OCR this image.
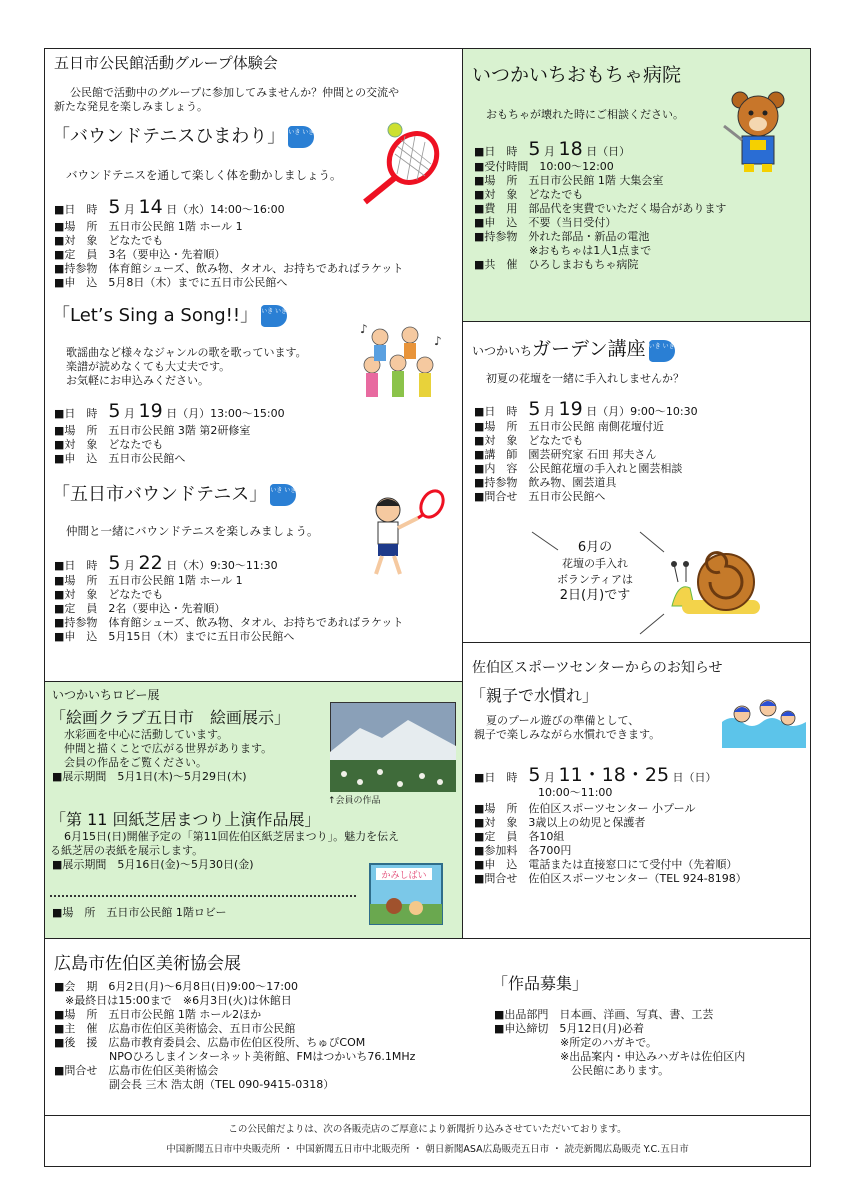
五日市公民館活動グループ体験会
公民館で活動中のグループに参加してみませんか？仲間との交流や
新たな発見を楽しみましょう。
「バウンドテニスひまわり」 いき いき
バウンドテニスを通して楽しく体を動かしましょう。
■日　時　 5 月 14 日（水）14:00〜16:00
■場　所　五日市公民館 1階 ホール 1
■対　象　どなたでも
■定　員　3名（要申込・先着順）
■持参物　体育館シューズ、飲み物、タオル、お持ちであればラケット
■申　込　5月8日（木）までに五日市公民館へ
「Let’s Sing a Song!!」 いき いき
♪
♪
歌謡曲など様々なジャンルの歌を歌っています。
楽譜が読めなくても大丈夫です。
お気軽にお申込みください。
■日　時　 5 月 19 日（月）13:00〜15:00
■場　所　五日市公民館 3階 第2研修室
■対　象　どなたでも
■申　込　五日市公民館へ
「五日市バウンドテニス」 いき いき
仲間と一緒にバウンドテニスを楽しみましょう。
■日　時　 5 月 22 日（木）9:30〜11:30
■場　所　五日市公民館 1階 ホール 1
■対　象　どなたでも
■定　員　2名（要申込・先着順）
■持参物　体育館シューズ、飲み物、タオル、お持ちであればラケット
■申　込　5月15日（木）までに五日市公民館へ
いつかいちおもちゃ病院
おもちゃが壊れた時にご相談ください。
■日　時　 5 月 18 日（日）
■受付時間　10:00〜12:00
■場　所　五日市公民館 1階 大集会室
■対　象　どなたでも
■費　用　部品代を実費でいただく場合があります
■申　込　不要（当日受付）
■持参物　外れた部品・新品の電池
　　　　　※おもちゃは1人1点まで
■共　催　ひろしまおもちゃ病院
いつかいちガーデン講座 いき いき
初夏の花壇を一緒に手入れしませんか？
■日　時　 5 月 19 日（月）9:00〜10:30
■場　所　五日市公民館 南側花壇付近
■対　象　どなたでも
■講　師　園芸研究家 石田 邦夫さん
■内　容　公民館花壇の手入れと園芸相談
■持参物　飲み物、園芸道具
■問合せ　五日市公民館へ
6月の
花壇の手入れ
ボランティアは
2日(月)です
いつかいちロビー展
「絵画クラブ五日市　絵画展示」
水彩画を中心に活動しています。
仲間と描くことで広がる世界があります。
会員の作品をご覧ください。
■展示期間　5月1日(木)〜5月29日(木)
↑会員の作品
「第 11 回紙芝居まつり上演作品展」
6月15日(日)開催予定の「第11回佐伯区紙芝居まつり」。魅力を伝え
る紙芝居の表紙を展示します。
■展示期間　5月16日(金)〜5月30日(金)
かみしばい
■場　所　五日市公民館 1階ロビー
佐伯区スポーツセンターからのお知らせ
「親子で水慣れ」
夏のプール遊びの準備として、
親子で楽しみながら水慣れできます。
■日　時　 5 月 11・18・25 日（日）
10:00〜11:00
■場　所　佐伯区スポーツセンター 小プール
■対　象　3歳以上の幼児と保護者
■定　員　各10組
■参加料　各700円
■申　込　電話または直接窓口にて受付中（先着順）
■問合せ　佐伯区スポーツセンター（TEL 924-8198）
広島市佐伯区美術協会展
■会　期　6月2日(月)〜6月8日(日)9:00〜17:00
　※最終日は15:00まで　※6月3日(火)は休館日
■場　所　五日市公民館 1階 ホール2ほか
■主　催　広島市佐伯区美術協会、五日市公民館
■後　援　広島市教育委員会、広島市佐伯区役所、ちゅぴCOM
　　　　　NPOひろしまインターネット美術館、FMはつかいち76.1MHz
■問合せ　広島市佐伯区美術協会
　　　　　副会長 三木 浩太朗（TEL 090-9415-0318）
「作品募集」
■出品部門　日本画、洋画、写真、書、工芸
■申込締切　5月12日(月)必着
　　　　　　※所定のハガキで。
　　　　　　※出品案内・申込みハガキは佐伯区内
　　　　　　　公民館にあります。
この公民館だよりは、次の各販売店のご厚意により新聞折り込みさせていただいております。
中国新聞五日市中央販売所 ・ 中国新聞五日市中北販売所 ・ 朝日新聞ASA広島販売五日市 ・ 読売新聞広島販売 Y.C.五日市
